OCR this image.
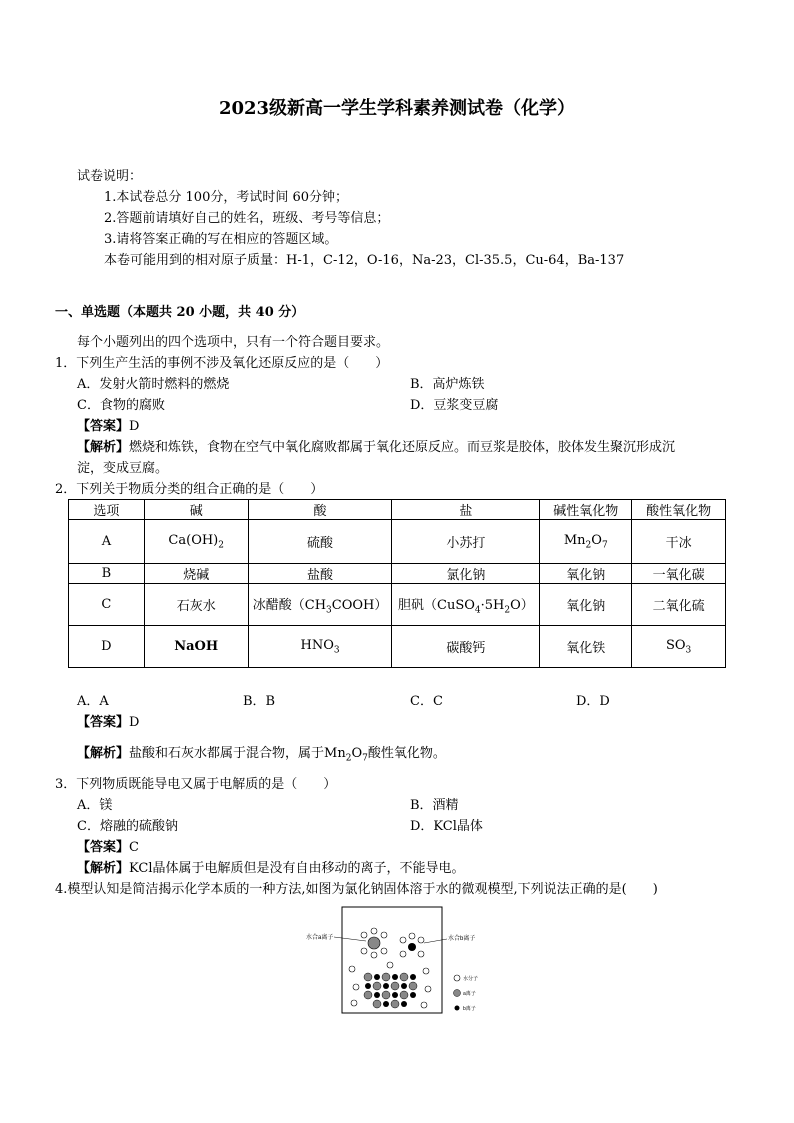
2023级新高一学生学科素养测试卷（化学）
试卷说明：
1.本试卷总分 100分，考试时间 60分钟；
2.答题前请填好自己的姓名，班级、考号等信息；
3.请将答案正确的写在相应的答题区域。
本卷可能用到的相对原子质量：H-1，C-12，O-16，Na-23，Cl-35.5，Cu-64，Ba-137
一、单选题（本题共 20 小题，共 40 分）
每个小题列出的四个选项中，只有一个符合题目要求。
1．下列生产生活的事例不涉及氧化还原反应的是（　　）
A．发射火箭时燃料的燃烧	B．高炉炼铁
C．食物的腐败	D．豆浆变豆腐
【答案】D
【解析】燃烧和炼铁，食物在空气中氧化腐败都属于氧化还原反应。而豆浆是胶体，胶体发生聚沉形成沉
淀，变成豆腐。
2．下列关于物质分类的组合正确的是（　　）
选项	碱	酸	盐	碱性氧化物	酸性氧化物
A	$Ca(OH)_2$	硫酸	小苏打	$Mn_2O_7$	干冰
B	烧碱	盐酸	氯化钠	氧化钠	一氧化碳
C	石灰水	冰醋酸$(CH_3COOH)$	胆矾$(CuSO_4\cdot 5H_2O)$	氧化钠	二氧化硫
D	NaOH	$HNO_3$	碳酸钙	氧化铁	$SO_3$
A．A	B．B	C．C	D．D
【答案】D
【解析】盐酸和石灰水都属于混合物，属于$Mn_2O_7$酸性氧化物。
3．下列物质既能导电又属于电解质的是（　　）
A．镁	B．酒精
C．熔融的硫酸钠	D．KCl晶体
【答案】C
【解析】KCl晶体属于电解质但是没有自由移动的离子，不能导电。
4.模型认知是简洁揭示化学本质的一种方法,如图为氯化钠固体溶于水的微观模型,下列说法正确的是(　　)
水合a离子	水合b离子
水分子
a离子
b离子
